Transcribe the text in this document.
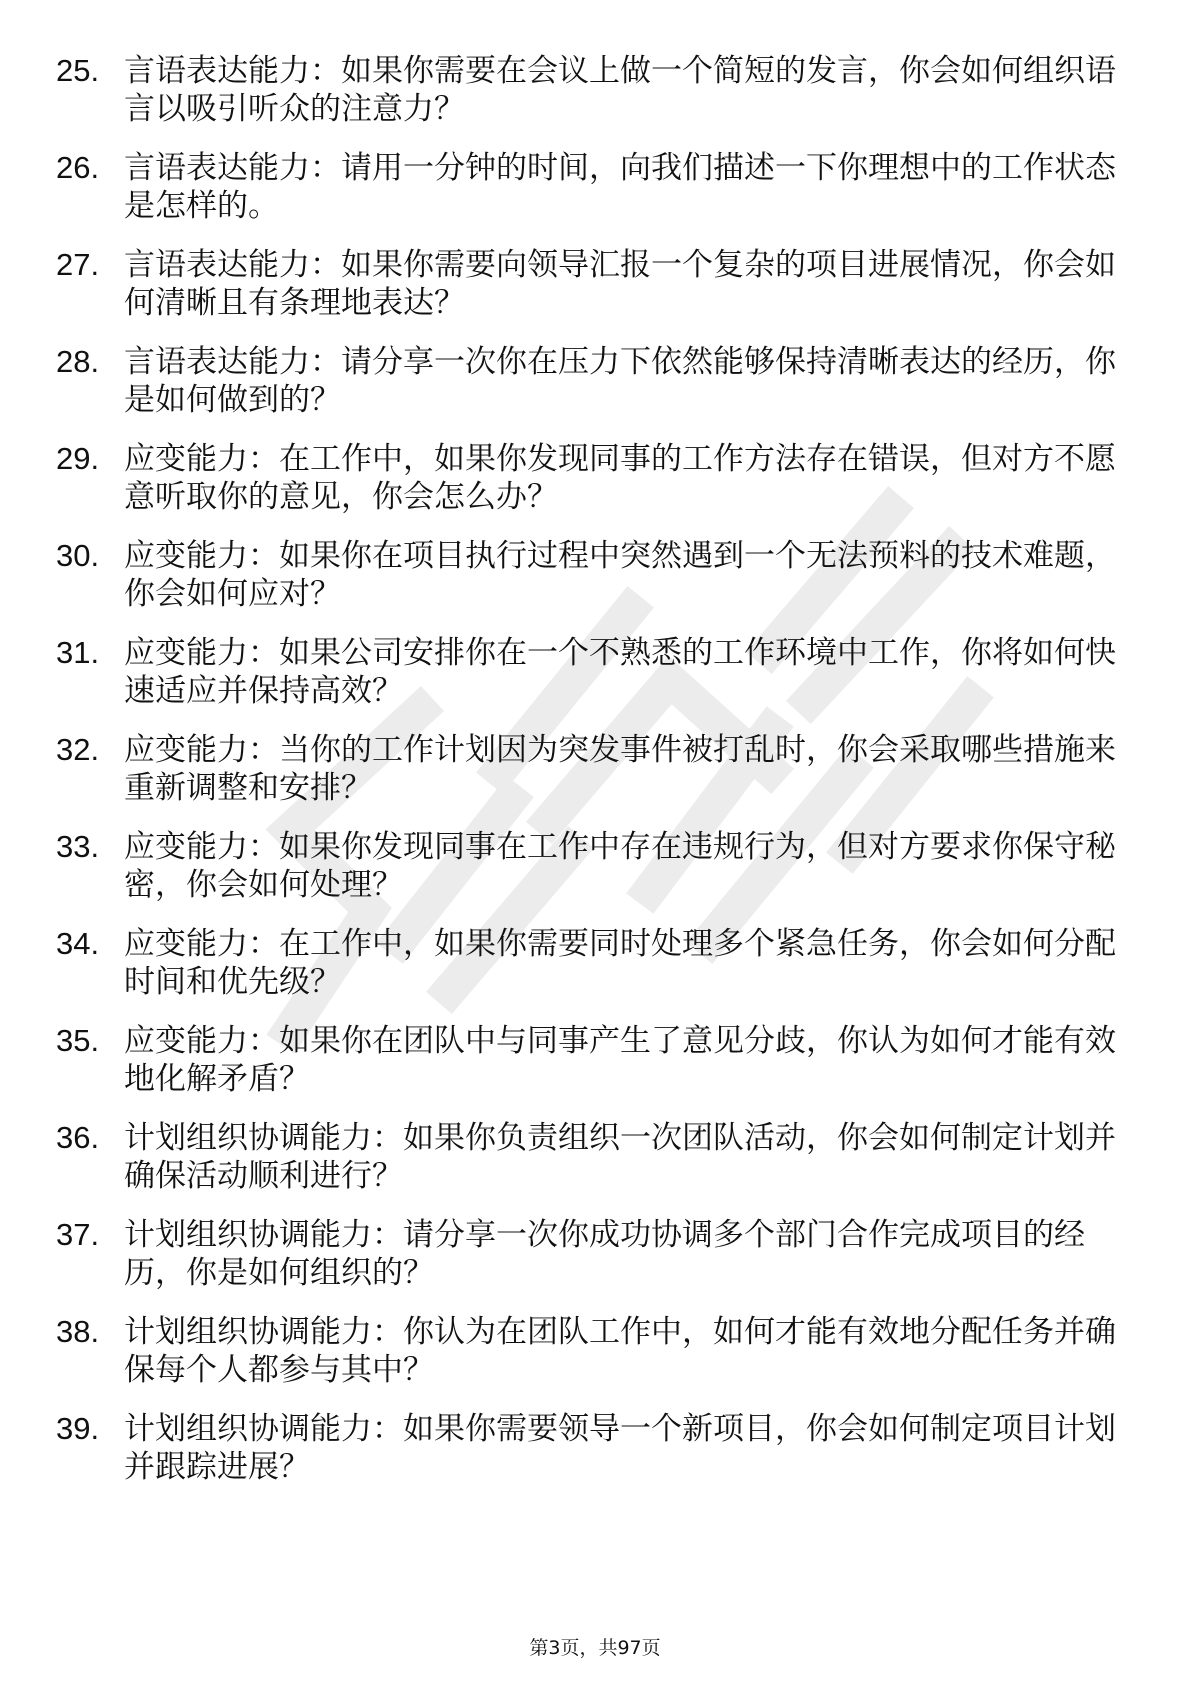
25. 言语表达能力：如果你需要在会议上做一个简短的发言，你会如何组织语言以吸引听众的注意力？
26. 言语表达能力：请用一分钟的时间，向我们描述一下你理想中的工作状态是怎样的。
27. 言语表达能力：如果你需要向领导汇报一个复杂的项目进展情况，你会如何清晰且有条理地表达？
28. 言语表达能力：请分享一次你在压力下依然能够保持清晰表达的经历，你是如何做到的？
29. 应变能力：在工作中，如果你发现同事的工作方法存在错误，但对方不愿意听取你的意见，你会怎么办？
30. 应变能力：如果你在项目执行过程中突然遇到一个无法预料的技术难题，你会如何应对？
31. 应变能力：如果公司安排你在一个不熟悉的工作环境中工作，你将如何快速适应并保持高效？
32. 应变能力：当你的工作计划因为突发事件被打乱时，你会采取哪些措施来重新调整和安排？
33. 应变能力：如果你发现同事在工作中存在违规行为，但对方要求你保守秘密，你会如何处理？
34. 应变能力：在工作中，如果你需要同时处理多个紧急任务，你会如何分配时间和优先级？
35. 应变能力：如果你在团队中与同事产生了意见分歧，你认为如何才能有效地化解矛盾？
36. 计划组织协调能力：如果你负责组织一次团队活动，你会如何制定计划并确保活动顺利进行？
37. 计划组织协调能力：请分享一次你成功协调多个部门合作完成项目的经历，你是如何组织的？
38. 计划组织协调能力：你认为在团队工作中，如何才能有效地分配任务并确保每个人都参与其中？
39. 计划组织协调能力：如果你需要领导一个新项目，你会如何制定项目计划并跟踪进展？
第3页，共97页
